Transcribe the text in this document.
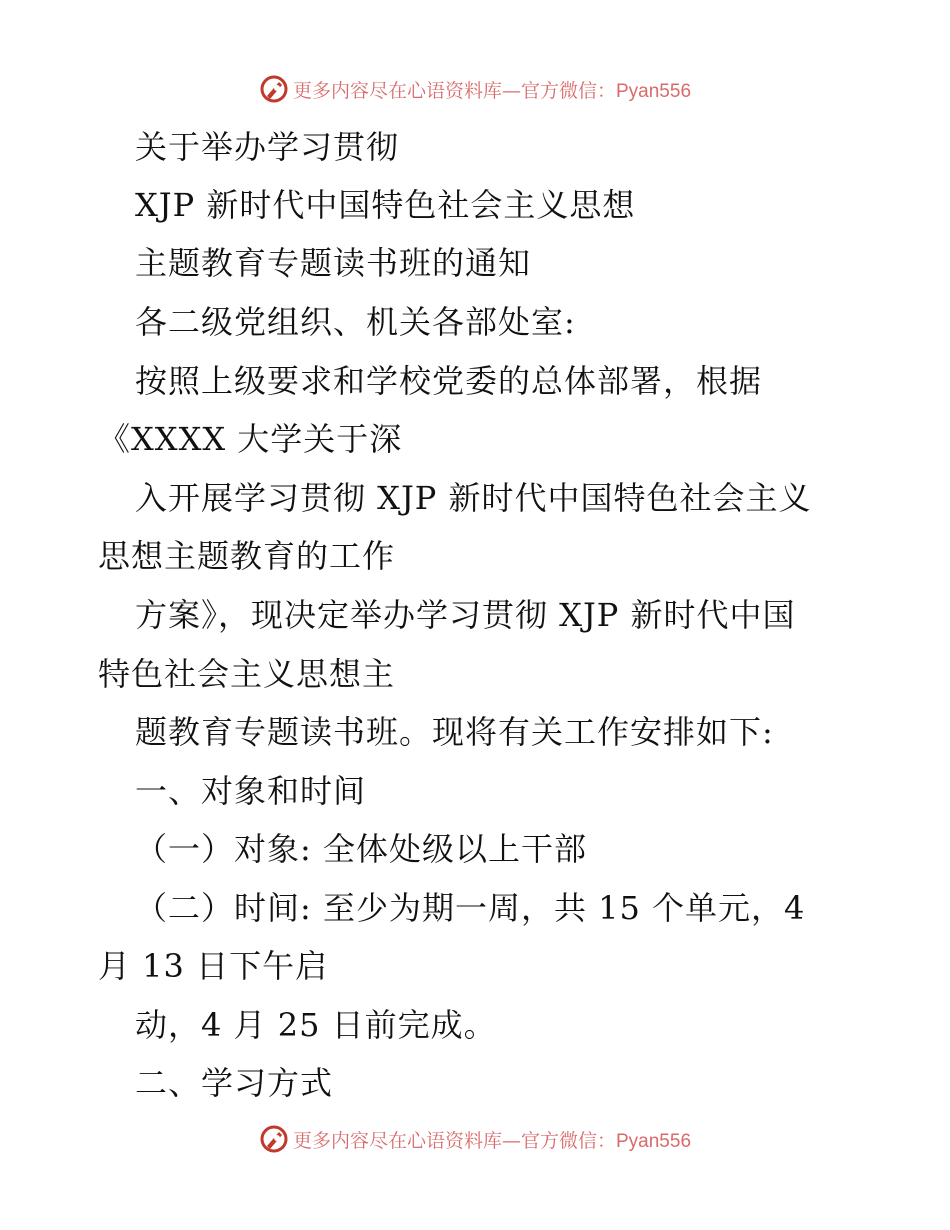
更多内容尽在心语资料库—官方微信：Pyan556
关于举办学习贯彻
XJP 新时代中国特色社会主义思想
主题教育专题读书班的通知
各二级党组织、机关各部处室:
按照上级要求和学校党委的总体部署，根据
《XXXX 大学关于深
入开展学习贯彻 XJP 新时代中国特色社会主义
思想主题教育的工作
方案》，现决定举办学习贯彻 XJP 新时代中国
特色社会主义思想主
题教育专题读书班。现将有关工作安排如下:
一、对象和时间
（一）对象: 全体处级以上干部
（二）时间: 至少为期一周，共 15 个单元，4
月 13 日下午启
动，4 月 25 日前完成。
二、学习方式
更多内容尽在心语资料库—官方微信：Pyan556
